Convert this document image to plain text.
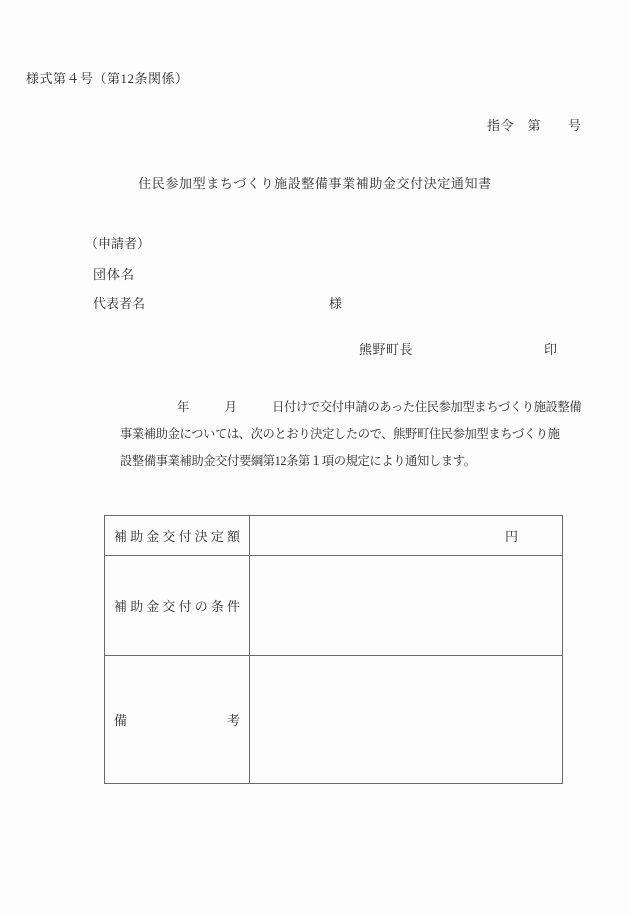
様式第４号（第12条関係）
指令　第　　号
住民参加型まちづくり施設整備事業補助金交付決定通知書
（申請者）
団体名
代表者名	様
熊野町長	印
年　　　月　　　日付けで交付申請のあった住民参加型まちづくり施設整備
事業補助金については、次のとおり決定したので、熊野町住民参加型まちづくり施
設整備事業補助金交付要綱第12条第１項の規定により通知します。
補 助 金 交 付 決 定 額	円
補 助 金 交 付 の 条 件
備	考
